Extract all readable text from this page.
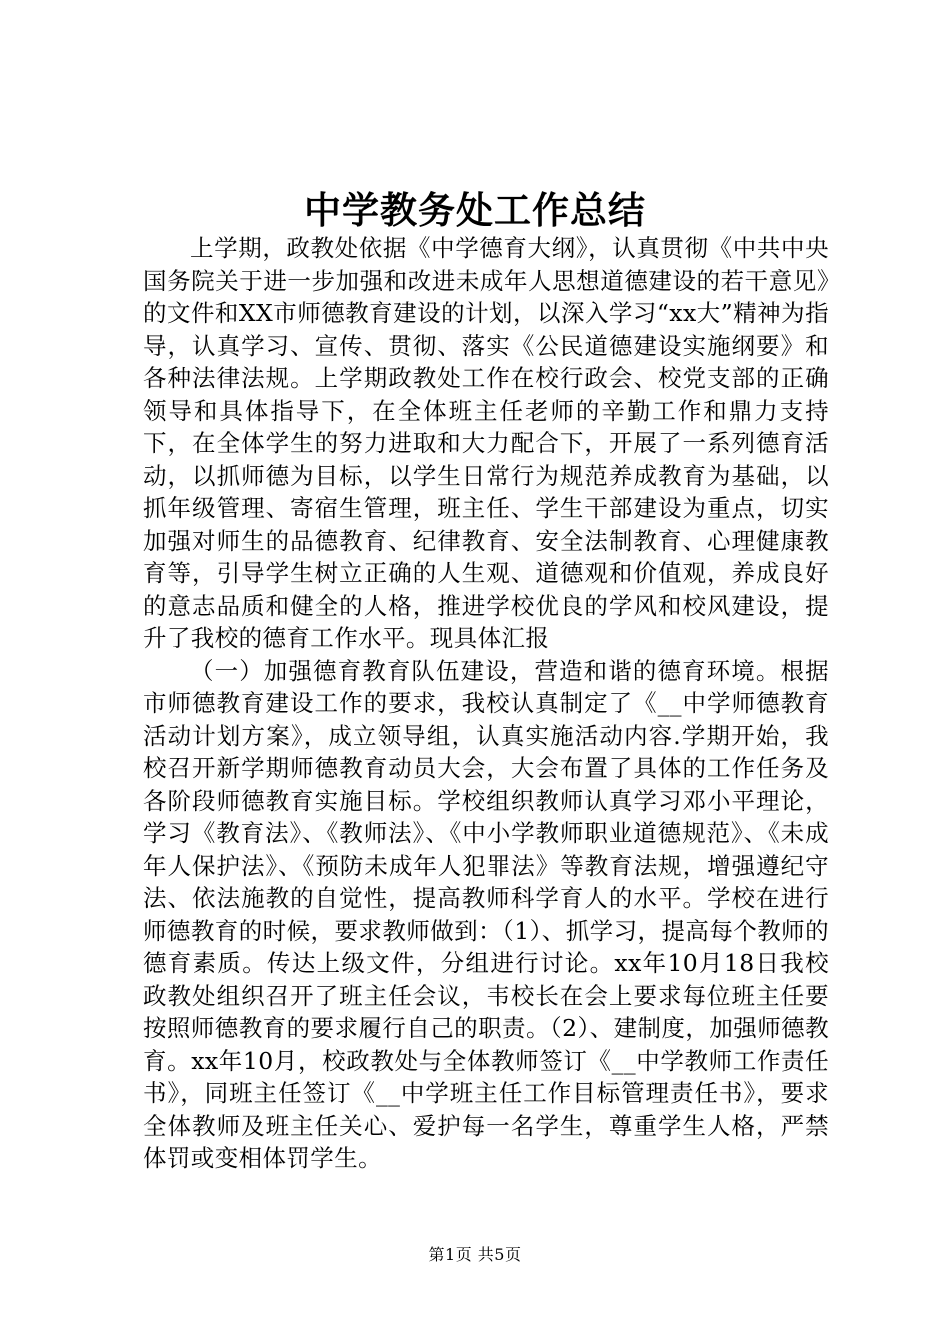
中学教务处工作总结

上学期，政教处依据《中学德育大纲》，认真贯彻《中共中央国务院关于进一步加强和改进未成年人思想道德建设的若干意见》的文件和XX市师德教育建设的计划，以深入学习“xx大”精神为指导，认真学习、宣传、贯彻、落实《公民道德建设实施纲要》和各种法律法规。上学期政教处工作在校行政会、校党支部的正确领导和具体指导下，在全体班主任老师的辛勤工作和鼎力支持下，在全体学生的努力进取和大力配合下，开展了一系列德育活动，以抓师德为目标，以学生日常行为规范养成教育为基础，以抓年级管理、寄宿生管理，班主任、学生干部建设为重点，切实加强对师生的品德教育、纪律教育、安全法制教育、心理健康教育等，引导学生树立正确的人生观、道德观和价值观，养成良好的意志品质和健全的人格，推进学校优良的学风和校风建设，提升了我校的德育工作水平。现具体汇报

（一）加强德育教育队伍建设，营造和谐的德育环境。根据市师德教育建设工作的要求，我校认真制定了《__中学师德教育活动计划方案》，成立领导组，认真实施活动内容.学期开始，我校召开新学期师德教育动员大会，大会布置了具体的工作任务及各阶段师德教育实施目标。学校组织教师认真学习邓小平理论，学习《教育法》、《教师法》、《中小学教师职业道德规范》、《未成年人保护法》、《预防未成年人犯罪法》等教育法规，增强遵纪守法、依法施教的自觉性，提高教师科学育人的水平。学校在进行师德教育的时候，要求教师做到：（1）、抓学习，提高每个教师的德育素质。传达上级文件，分组进行讨论。xx年10月18日我校政教处组织召开了班主任会议，韦校长在会上要求每位班主任要按照师德教育的要求履行自己的职责。（2）、建制度，加强师德教育。xx年10月，校政教处与全体教师签订《__中学教师工作责任书》，同班主任签订《__中学班主任工作目标管理责任书》，要求全体教师及班主任关心、爱护每一名学生，尊重学生人格，严禁体罚或变相体罚学生。

第1页 共5页
